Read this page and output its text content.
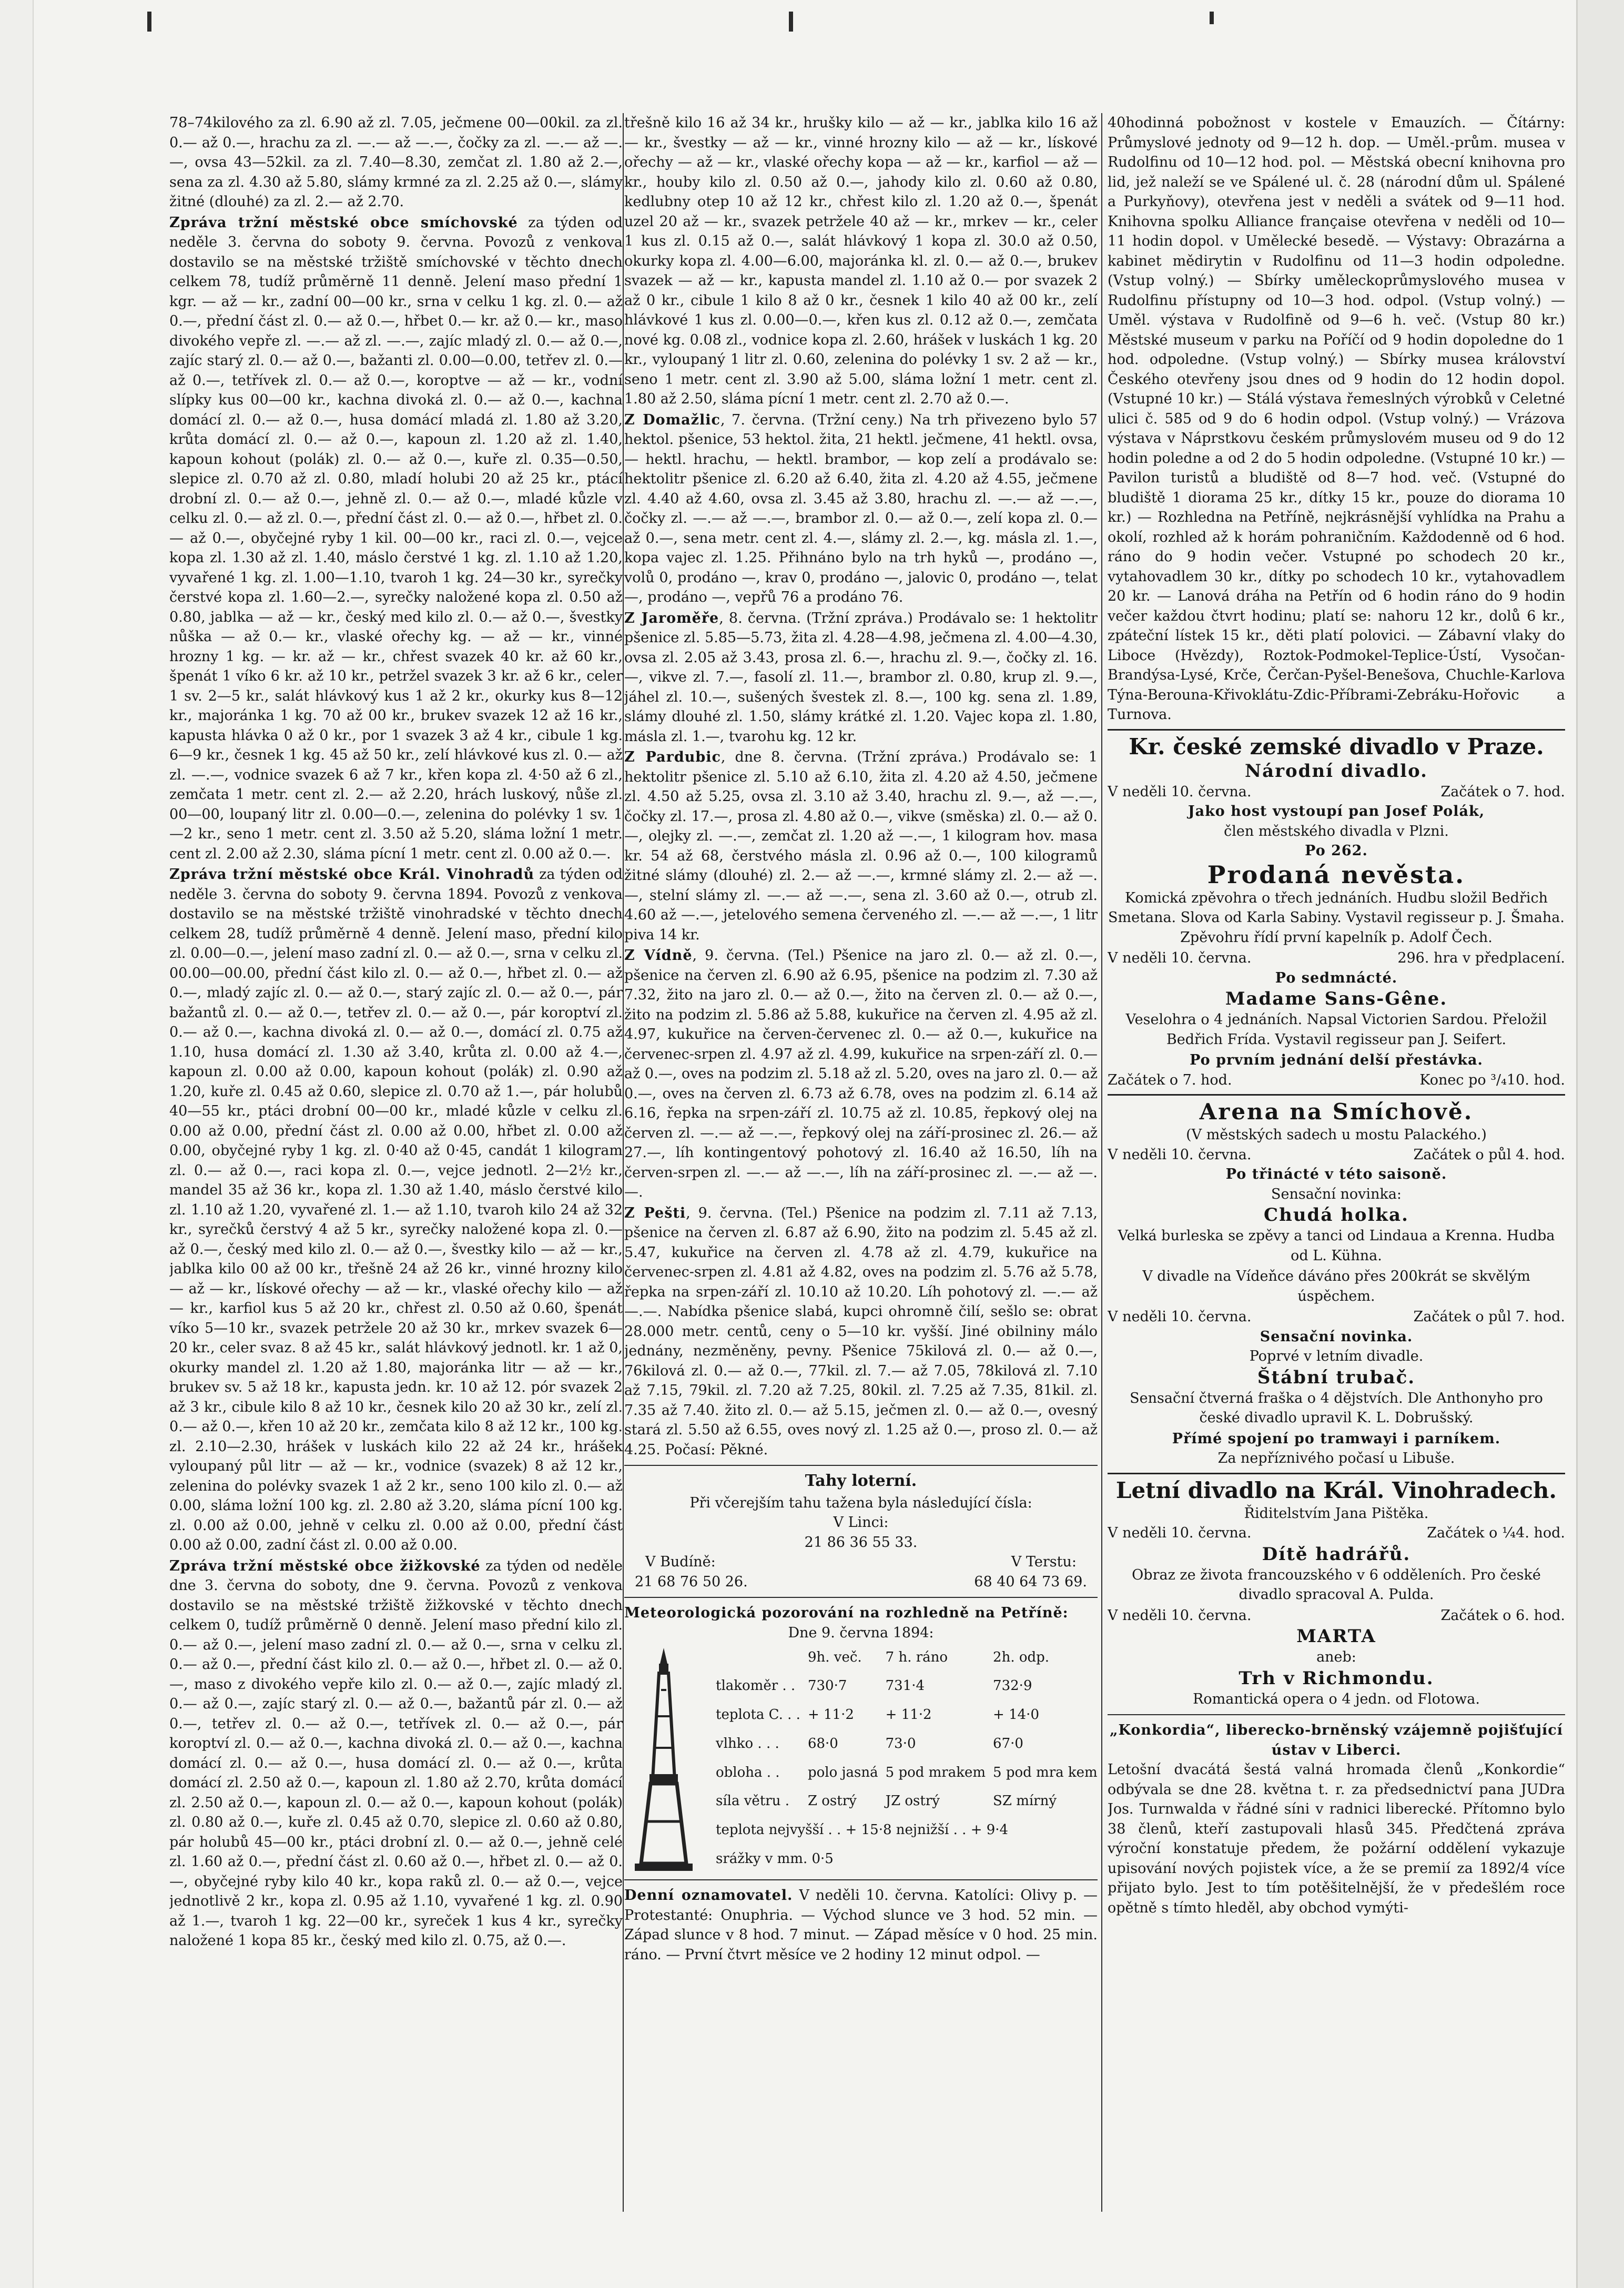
78–74kilového za zl. 6.90 až zl. 7.05, ječmene 00—00kil. za zl. 0.— až 0.—, hrachu za zl. —.— až —.—, čočky za zl. —.— až —.—, ovsa 43—52kil. za zl. 7.40—8.30, zemčat zl. 1.80 až 2.—, sena za zl. 4.30 až 5.80, slámy krmné za zl. 2.25 až 0.—, slámy žitné (dlouhé) za zl. 2.— až 2.70.

Zpráva tržní městské obce smíchovské za týden od neděle 3. června do soboty 9. června. Povozů z venkova dostavilo se na městské tržiště smíchovské v těchto dnech celkem 78, tudíž průměrně 11 denně. Jelení maso přední 1 kgr. — až — kr., zadní 00—00 kr., srna v celku 1 kg. zl. 0.— až 0.—, přední část zl. 0.— až 0.—, hřbet 0.— kr. až 0.— kr., maso divokého vepře zl. —.— až zl. —.—, zajíc mladý zl. 0.— až 0.—, zajíc starý zl. 0.— až 0.—, bažanti zl. 0.00—0.00, tetřev zl. 0.— až 0.—, tetřívek zl. 0.— až 0.—, koroptve — až — kr., vodní slípky kus 00—00 kr., kachna divoká zl. 0.— až 0.—, kachna domácí zl. 0.— až 0.—, husa domácí mladá zl. 1.80 až 3.20, krůta domácí zl. 0.— až 0.—, kapoun zl. 1.20 až zl. 1.40, kapoun kohout (polák) zl. 0.— až 0.—, kuře zl. 0.35—0.50, slepice zl. 0.70 až zl. 0.80, mladí holubi 20 až 25 kr., ptácí drobní zl. 0.— až 0.—, jehně zl. 0.— až 0.—, mladé kůzle v celku zl. 0.— až zl. 0.—, přední část zl. 0.— až 0.—, hřbet zl. 0.— až 0.—, obyčejné ryby 1 kil. 00—00 kr., raci zl. 0.—, vejce kopa zl. 1.30 až zl. 1.40, máslo čerstvé 1 kg. zl. 1.10 až 1.20, vyvařené 1 kg. zl. 1.00—1.10, tvaroh 1 kg. 24—30 kr., syrečky čerstvé kopa zl. 1.60—2.—, syrečky naložené kopa zl. 0.50 až 0.80, jablka — až — kr., český med kilo zl. 0.— až 0.—, švestky nůška — až 0.— kr., vlaské ořechy kg. — až — kr., vinné hrozny 1 kg. — kr. až — kr., chřest svazek 40 kr. až 60 kr., špenát 1 víko 6 kr. až 10 kr., petržel svazek 3 kr. až 6 kr., celer 1 sv. 2—5 kr., salát hlávkový kus 1 až 2 kr., okurky kus 8—12 kr., majoránka 1 kg. 70 až 00 kr., brukev svazek 12 až 16 kr., kapusta hlávka 0 až 0 kr., por 1 svazek 3 až 4 kr., cibule 1 kg. 6—9 kr., česnek 1 kg. 45 až 50 kr., zelí hlávkové kus zl. 0.— až zl. —.—, vodnice svazek 6 až 7 kr., křen kopa zl. 4·50 až 6 zl., zemčata 1 metr. cent zl. 2.— až 2.20, hrách luskový, nůše zl. 00—00, loupaný litr zl. 0.00—0.—, zelenina do polévky 1 sv. 1—2 kr., seno 1 metr. cent zl. 3.50 až 5.20, sláma ložní 1 metr. cent zl. 2.00 až 2.30, sláma pícní 1 metr. cent zl. 0.00 až 0.—.

Zpráva tržní městské obce Král. Vinohradů za týden od neděle 3. června do soboty 9. června 1894. Povozů z venkova dostavilo se na městské tržiště vinohradské v těchto dnech celkem 28, tudíž průměrně 4 denně. Jelení maso, přední kilo zl. 0.00—0.—, jelení maso zadní zl. 0.— až 0.—, srna v celku zl. 00.00—00.00, přední část kilo zl. 0.— až 0.—, hřbet zl. 0.— až 0.—, mladý zajíc zl. 0.— až 0.—, starý zajíc zl. 0.— až 0.—, pár bažantů zl. 0.— až 0.—, tetřev zl. 0.— až 0.—, pár koroptví zl. 0.— až 0.—, kachna divoká zl. 0.— až 0.—, domácí zl. 0.75 až 1.10, husa domácí zl. 1.30 až 3.40, krůta zl. 0.00 až 4.—, kapoun zl. 0.00 až 0.00, kapoun kohout (polák) zl. 0.90 až 1.20, kuře zl. 0.45 až 0.60, slepice zl. 0.70 až 1.—, pár holubů 40—55 kr., ptáci drobní 00—00 kr., mladé kůzle v celku zl. 0.00 až 0.00, přední část zl. 0.00 až 0.00, hřbet zl. 0.00 až 0.00, obyčejné ryby 1 kg. zl. 0·40 až 0·45, candát 1 kilogram zl. 0.— až 0.—, raci kopa zl. 0.—, vejce jednotl. 2—2½ kr., mandel 35 až 36 kr., kopa zl. 1.30 až 1.40, máslo čerstvé kilo zl. 1.10 až 1.20, vyvařené zl. 1.— až 1.10, tvaroh kilo 24 až 32 kr., syrečků čerstvý 4 až 5 kr., syrečky naložené kopa zl. 0.— až 0.—, český med kilo zl. 0.— až 0.—, švestky kilo — až — kr., jablka kilo 00 až 00 kr., třešně 24 až 26 kr., vinné hrozny kilo — až — kr., lískové ořechy — až — kr., vlaské ořechy kilo — až — kr., karfiol kus 5 až 20 kr., chřest zl. 0.50 až 0.60, špenát víko 5—10 kr., svazek petržele 20 až 30 kr., mrkev svazek 6—20 kr., celer svaz. 8 až 45 kr., salát hlávkový jednotl. kr. 1 až 0, okurky mandel zl. 1.20 až 1.80, majoránka litr — až — kr., brukev sv. 5 až 18 kr., kapusta jedn. kr. 10 až 12. pór svazek 2 až 3 kr., cibule kilo 8 až 10 kr., česnek kilo 20 až 30 kr., zelí zl. 0.— až 0.—, křen 10 až 20 kr., zemčata kilo 8 až 12 kr., 100 kg. zl. 2.10—2.30, hrášek v luskách kilo 22 až 24 kr., hrášek vyloupaný půl litr — až — kr., vodnice (svazek) 8 až 12 kr., zelenina do polévky svazek 1 až 2 kr., seno 100 kilo zl. 0.— až 0.00, sláma ložní 100 kg. zl. 2.80 až 3.20, sláma pícní 100 kg. zl. 0.00 až 0.00, jehně v celku zl. 0.00 až 0.00, přední část 0.00 až 0.00, zadní část zl. 0.00 až 0.00.

Zpráva tržní městské obce žižkovské za týden od neděle dne 3. června do soboty, dne 9. června. Povozů z venkova dostavilo se na městské tržiště žižkovské v těchto dnech celkem 0, tudíž průměrně 0 denně. Jelení maso přední kilo zl. 0.— až 0.—, jelení maso zadní zl. 0.— až 0.—, srna v celku zl. 0.— až 0.—, přední část kilo zl. 0.— až 0.—, hřbet zl. 0.— až 0.—, maso z divokého vepře kilo zl. 0.— až 0.—, zajíc mladý zl. 0.— až 0.—, zajíc starý zl. 0.— až 0.—, bažantů pár zl. 0.— až 0.—, tetřev zl. 0.— až 0.—, tetřívek zl. 0.— až 0.—, pár koroptví zl. 0.— až 0.—, kachna divoká zl. 0.— až 0.—, kachna domácí zl. 0.— až 0.—, husa domácí zl. 0.— až 0.—, krůta domácí zl. 2.50 až 0.—, kapoun zl. 1.80 až 2.70, krůta domácí zl. 2.50 až 0.—, kapoun zl. 0.— až 0.—, kapoun kohout (polák) zl. 0.80 až 0.—, kuře zl. 0.45 až 0.70, slepice zl. 0.60 až 0.80, pár holubů 45—00 kr., ptáci drobní zl. 0.— až 0.—, jehně celé zl. 1.60 až 0.—, přední část zl. 0.60 až 0.—, hřbet zl. 0.— až 0.—, obyčejné ryby kilo 40 kr., kopa raků zl. 0.— až 0.—, vejce jednotlivě 2 kr., kopa zl. 0.95 až 1.10, vyvařené 1 kg. zl. 0.90 až 1.—, tvaroh 1 kg. 22—00 kr., syreček 1 kus 4 kr., syrečky naložené 1 kopa 85 kr., český med kilo zl. 0.75, až 0.—.

třešně kilo 16 až 34 kr., hrušky kilo — až — kr., jablka kilo 16 až — kr., švestky — až — kr., vinné hrozny kilo — až — kr., lískové ořechy — až — kr., vlaské ořechy kopa — až — kr., karfiol — až — kr., houby kilo zl. 0.50 až 0.—, jahody kilo zl. 0.60 až 0.80, kedlubny otep 10 až 12 kr., chřest kilo zl. 1.20 až 0.—, špenát uzel 20 až — kr., svazek petržele 40 až — kr., mrkev — kr., celer 1 kus zl. 0.15 až 0.—, salát hlávkový 1 kopa zl. 30.0 až 0.50, okurky kopa zl. 4.00—6.00, majoránka kl. zl. 0.— až 0.—, brukev svazek — až — kr., kapusta mandel zl. 1.10 až 0.— por svazek 2 až 0 kr., cibule 1 kilo 8 až 0 kr., česnek 1 kilo 40 až 00 kr., zelí hlávkové 1 kus zl. 0.00—0.—, křen kus zl. 0.12 až 0.—, zemčata nové kg. 0.08 zl., vodnice kopa zl. 2.60, hrášek v luskách 1 kg. 20 kr., vyloupaný 1 litr zl. 0.60, zelenina do polévky 1 sv. 2 až — kr., seno 1 metr. cent zl. 3.90 až 5.00, sláma ložní 1 metr. cent zl. 1.80 až 2.50, sláma pícní 1 metr. cent zl. 2.70 až 0.—.

Z Domažlic, 7. června. (Tržní ceny.) Na trh přivezeno bylo 57 hektol. pšenice, 53 hektol. žita, 21 hektl. ječmene, 41 hektl. ovsa, — hektl. hrachu, — hektl. brambor, — kop zelí a prodávalo se: hektolitr pšenice zl. 6.20 až 6.40, žita zl. 4.20 až 4.55, ječmene zl. 4.40 až 4.60, ovsa zl. 3.45 až 3.80, hrachu zl. —.— až —.—, čočky zl. —.— až —.—, brambor zl. 0.— až 0.—, zelí kopa zl. 0.— až 0.—, sena metr. cent zl. 4.—, slámy zl. 2.—, kg. másla zl. 1.—, kopa vajec zl. 1.25. Přihnáno bylo na trh hyků —, prodáno —, volů 0, prodáno —, krav 0, prodáno —, jalovic 0, prodáno —, telat —, prodáno —, vepřů 76 a prodáno 76.

Z Jaroměře, 8. června. (Tržní zpráva.) Prodávalo se: 1 hektolitr pšenice zl. 5.85—5.73, žita zl. 4.28—4.98, ječmena zl. 4.00—4.30, ovsa zl. 2.05 až 3.43, prosa zl. 6.—, hrachu zl. 9.—, čočky zl. 16.—, vikve zl. 7.—, fasolí zl. 11.—, brambor zl. 0.80, krup zl. 9.—, jáhel zl. 10.—, sušených švestek zl. 8.—, 100 kg. sena zl. 1.89, slámy dlouhé zl. 1.50, slámy krátké zl. 1.20. Vajec kopa zl. 1.80, másla zl. 1.—, tvarohu kg. 12 kr.

Z Pardubic, dne 8. června. (Tržní zpráva.) Prodávalo se: 1 hektolitr pšenice zl. 5.10 až 6.10, žita zl. 4.20 až 4.50, ječmene zl. 4.50 až 5.25, ovsa zl. 3.10 až 3.40, hrachu zl. 9.—, až —.—, čočky zl. 17.—, prosa zl. 4.80 až 0.—, vikve (směska) zl. 0.— až 0.—, olejky zl. —.—, zemčat zl. 1.20 až —.—, 1 kilogram hov. masa kr. 54 až 68, čerstvého másla zl. 0.96 až 0.—, 100 kilogramů žitné slámy (dlouhé) zl. 2.— až —.—, krmné slámy zl. 2.— až —.—, stelní slámy zl. —.— až —.—, sena zl. 3.60 až 0.—, otrub zl. 4.60 až —.—, jetelového semena červeného zl. —.— až —.—, 1 litr piva 14 kr.

Z Vídně, 9. června. (Tel.) Pšenice na jaro zl. 0.— až zl. 0.—, pšenice na červen zl. 6.90 až 6.95, pšenice na podzim zl. 7.30 až 7.32, žito na jaro zl. 0.— až 0.—, žito na červen zl. 0.— až 0.—, žito na podzim zl. 5.86 až 5.88, kukuřice na červen zl. 4.95 až zl. 4.97, kukuřice na červen-červenec zl. 0.— až 0.—, kukuřice na červenec-srpen zl. 4.97 až zl. 4.99, kukuřice na srpen-září zl. 0.— až 0.—, oves na podzim zl. 5.18 až zl. 5.20, oves na jaro zl. 0.— až 0.—, oves na červen zl. 6.73 až 6.78, oves na podzim zl. 6.14 až 6.16, řepka na srpen-září zl. 10.75 až zl. 10.85, řepkový olej na červen zl. —.— až —.—, řepkový olej na září-prosinec zl. 26.— až 27.—, líh kontingentový pohotový zl. 16.40 až 16.50, líh na červen-srpen zl. —.— až —.—, líh na září-prosinec zl. —.— až —.—.

Z Pešti, 9. června. (Tel.) Pšenice na podzim zl. 7.11 až 7.13, pšenice na červen zl. 6.87 až 6.90, žito na podzim zl. 5.45 až zl. 5.47, kukuřice na červen zl. 4.78 až zl. 4.79, kukuřice na červenec-srpen zl. 4.81 až 4.82, oves na podzim zl. 5.76 až 5.78, řepka na srpen-září zl. 10.10 až 10.20. Líh pohotový zl. —.— až —.—. Nabídka pšenice slabá, kupci ohromně čilí, sešlo se: obrat 28.000 metr. centů, ceny o 5—10 kr. vyšší. Jiné obilniny málo jednány, nezměněny, pevny. Pšenice 75kilová zl. 0.— až 0.—, 76kilová zl. 0.— až 0.—, 77kil. zl. 7.— až 7.05, 78kilová zl. 7.10 až 7.15, 79kil. zl. 7.20 až 7.25, 80kil. zl. 7.25 až 7.35, 81kil. zl. 7.35 až 7.40. žito zl. 0.— až 5.15, ječmen zl. 0.— až 0.—, ovesný stará zl. 5.50 až 6.55, oves nový zl. 1.25 až 0.—, proso zl. 0.— až 4.25. Počasí: Pěkné.

Tahy loterní.
Při včerejším tahu tažena byla následující čísla:
V Linci:
21 86 36 55 33.
V Budíně:	V Terstu:
21 68 76 50 26.	68 40 64 73 69.
Meteorologická pozorování na rozhledně na Petříně:
Dne 9. června 1894:
	9h. več.	7 h. ráno	2h. odp.
tlakoměr . .	730·7	731·4	732·9
teplota C. . .	+ 11·2	+ 11·2	+ 14·0
vlhko . . .	68·0	73·0	67·0
obloha . .	polo jasná	5 pod mrakem	5 pod mra kem
síla větru .	Z ostrý	JZ ostrý	SZ mírný
teplota nejvyšší . . + 15·8 nejnižší . . + 9·4			
srážky v mm. 0·5			

Denní oznamovatel. V neděli 10. června. Katolíci: Olivy p. — Protestanté: Onuphria. — Východ slunce ve 3 hod. 52 min. — Západ slunce v 8 hod. 7 minut. — Západ měsíce v 0 hod. 25 min. ráno. — První čtvrt měsíce ve 2 hodiny 12 minut odpol. —

40hodinná pobožnost v kostele v Emauzích. — Čítárny: Průmyslové jednoty od 9—12 h. dop. — Uměl.-prům. musea v Rudolfinu od 10—12 hod. pol. — Městská obecní knihovna pro lid, jež naleží se ve Spálené ul. č. 28 (národní dům ul. Spálené a Purkyňovy), otevřena jest v neděli a svátek od 9—11 hod. Knihovna spolku Alliance française otevřena v neděli od 10—11 hodin dopol. v Umělecké besedě. — Výstavy: Obrazárna a kabinet mědirytin v Rudolfinu od 11—3 hodin odpoledne. (Vstup volný.) — Sbírky uměleckoprůmyslového musea v Rudolfinu přístupny od 10—3 hod. odpol. (Vstup volný.) — Uměl. výstava v Rudolfině od 9—6 h. več. (Vstup 80 kr.) Městské museum v parku na Poříčí od 9 hodin dopoledne do 1 hod. odpoledne. (Vstup volný.) — Sbírky musea království Českého otevřeny jsou dnes od 9 hodin do 12 hodin dopol. (Vstupné 10 kr.) — Stálá výstava řemeslných výrobků v Celetné ulici č. 585 od 9 do 6 hodin odpol. (Vstup volný.) — Vrázova výstava v Náprstkovu českém průmyslovém museu od 9 do 12 hodin poledne a od 2 do 5 hodin odpoledne. (Vstupné 10 kr.) — Pavilon turistů a bludiště od 8—7 hod. več. (Vstupné do bludiště 1 diorama 25 kr., dítky 15 kr., pouze do diorama 10 kr.) — Rozhledna na Petříně, nejkrásnější vyhlídka na Prahu a okolí, rozhled až k horám pohraničním. Každodenně od 6 hod. ráno do 9 hodin večer. Vstupné po schodech 20 kr., vytahovadlem 30 kr., dítky po schodech 10 kr., vytahovadlem 20 kr. — Lanová dráha na Petřín od 6 hodin ráno do 9 hodin večer každou čtvrt hodinu; platí se: nahoru 12 kr., dolů 6 kr., zpáteční lístek 15 kr., děti platí polovici. — Zábavní vlaky do Libocе (Hvězdy), Roztok-Podmokel-Teplice-Ústí, Vysočan-Brandýsa-Lysé, Krče, Čerčan-Pyšel-Benešova, Chuchle-Karlova Týna-Berouna-Křivoklátu-Zdic-Příbrami-Zebráku-Hořovic a Turnova.

Kr. české zemské divadlo v Praze.
Národní divadlo.
V neděli 10. června.	Začátek o 7. hod.
Jako host vystoupí pan Josef Polák,
člen městského divadla v Plzni.
Po 262.
Prodaná nevěsta.

Komická zpěvohra o třech jednáních. Hudbu složil Bedřich Smetana. Slova od Karla Sabiny. Vystavil regisseur p. J. Šmaha. Zpěvohru řídí první kapelník p. Adolf Čech.

V neděli 10. června.	296. hra v předplacení.
Po sedmnácté.
Madame Sans-Gêne.

Veselohra o 4 jednáních. Napsal Victorien Sardou. Přeložil Bedřich Frída. Vystavil regisseur pan J. Seifert.

Po prvním jednání delší přestávka.
Začátek o 7. hod.	Konec po ³/₄10. hod.
Arena na Smíchově.
(V městských sadech u mostu Palackého.)
V neděli 10. června.	Začátek o půl 4. hod.
Po třinácté v této saisoně.
Sensační novinka:
Chudá holka.

Velká burleska se zpěvy a tanci od Lindaua a Krenna. Hudba od L. Kühna.

V divadle na Vídeňce dáváno přes 200krát se skvělým úspěchem.

V neděli 10. června.	Začátek o půl 7. hod.
Sensační novinka.
Poprvé v letním divadle.
Štábní trubač.

Sensační čtverná fraška o 4 dějstvích. Dle Anthonyho pro české divadlo upravil K. L. Dobrušský.

Přímé spojení po tramwayi i parníkem.
Za nepříznivého počasí u Libuše.
Letní divadlo na Král. Vinohradech.
Řiditelstvím Jana Pištěka.
V neděli 10. června.	Začátek o ¼4. hod.
Dítě hadrářů.

Obraz ze života francouzského v 6 oddělеních. Pro české divadlo spracoval A. Pulda.

V neděli 10. června.	Začátek o 6. hod.
MARTA
aneb:
Trh v Richmondu.
Romantická opera o 4 jedn. od Flotowa.
„Konkordia“, liberecko-brněnský vzájemně pojišťující ústav v Liberci.

Letošní dvacátá šestá valná hromada členů „Konkordie“ odbývala se dne 28. května t. r. za předsednictví pana JUDra Jos. Turnwalda v řádné síni v radnici liberecké. Přítomno bylo 38 členů, kteří zastupovali hlasů 345. Předčtená zpráva výroční konstatuje předem, že požární oddělení vykazuje upisování nových pojistek více, a že se premií za 1892/4 více přijato bylo. Jest to tím potěšitelnější, že v předešlém roce opětně s tímto hleděl, aby obchod vymýti-
